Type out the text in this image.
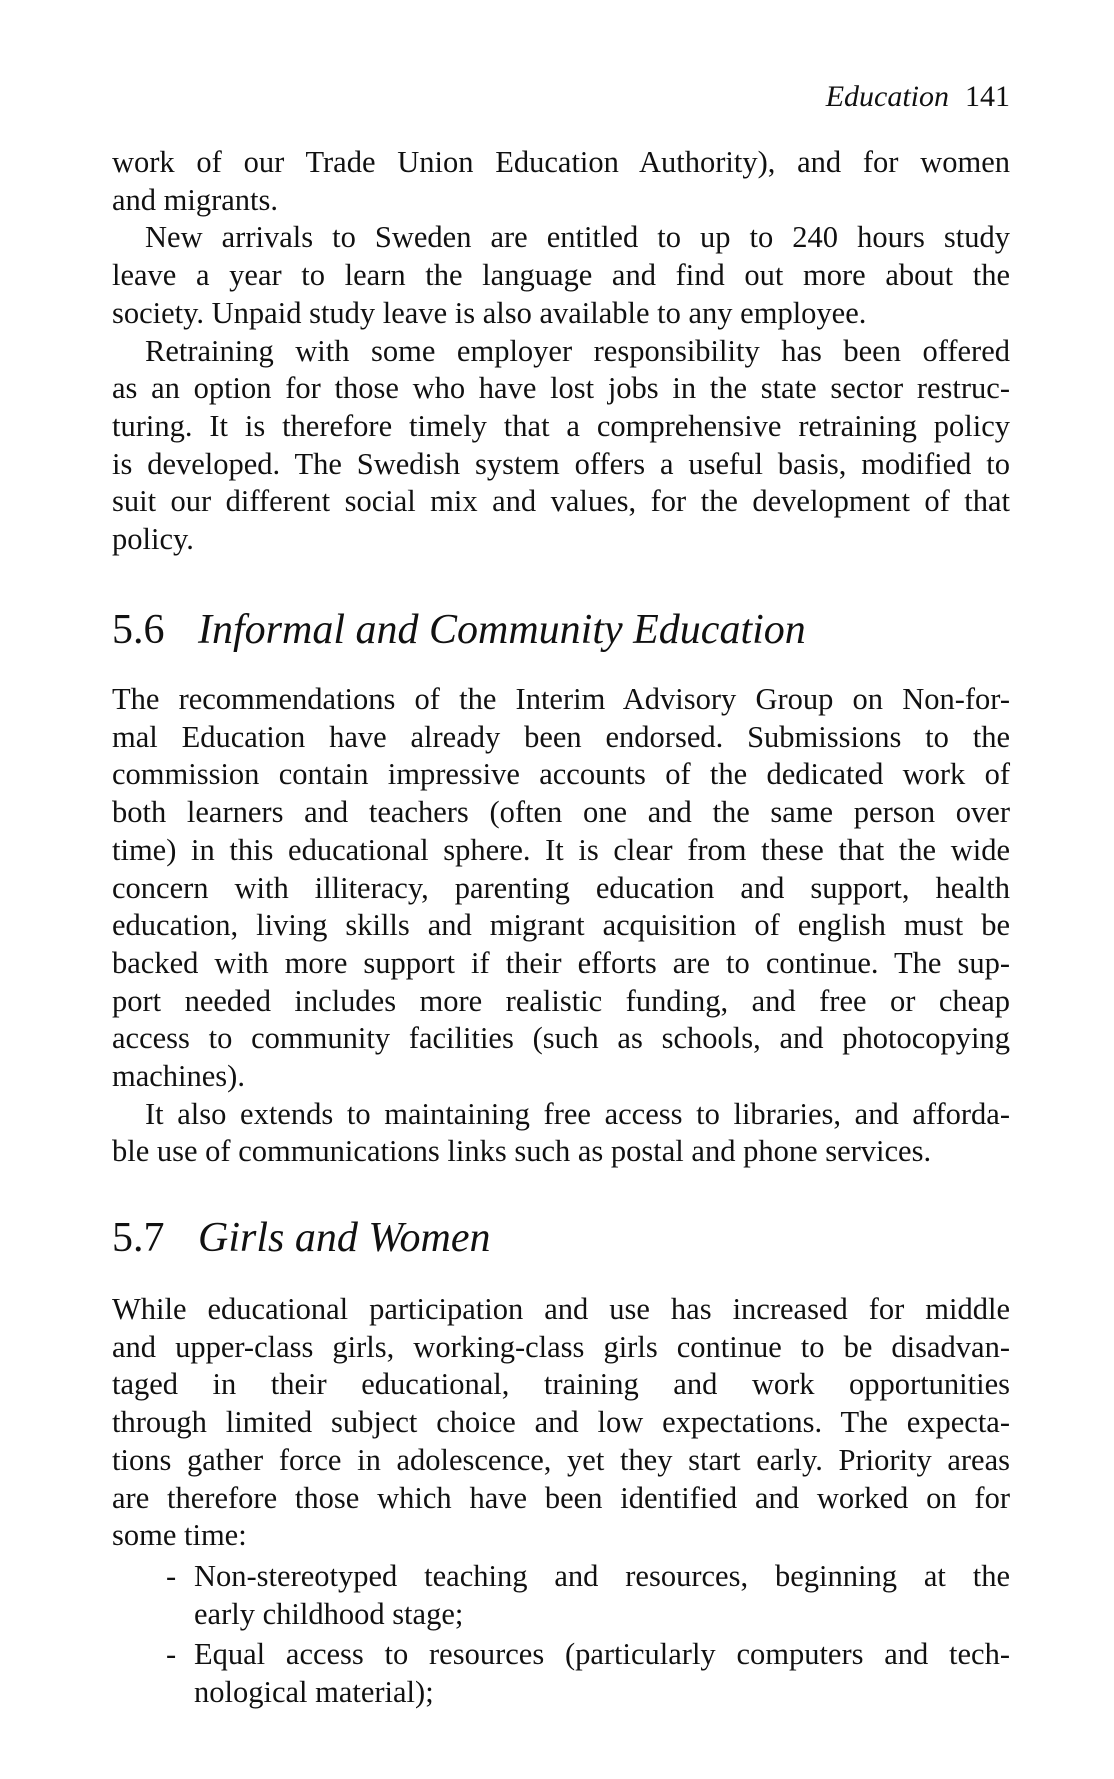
Education 141
work of our Trade Union Education Authority), and for women
and migrants.
New arrivals to Sweden are entitled to up to 240 hours study
leave a year to learn the language and find out more about the
society. Unpaid study leave is also available to any employee.
Retraining with some employer responsibility has been offered
as an option for those who have lost jobs in the state sector restruc-
turing. It is therefore timely that a comprehensive retraining policy
is developed. The Swedish system offers a useful basis, modified to
suit our different social mix and values, for the development of that
policy.
5.6 Informal and Community Education
The recommendations of the Interim Advisory Group on Non-for-
mal Education have already been endorsed. Submissions to the
commission contain impressive accounts of the dedicated work of
both learners and teachers (often one and the same person over
time) in this educational sphere. It is clear from these that the wide
concern with illiteracy, parenting education and support, health
education, living skills and migrant acquisition of english must be
backed with more support if their efforts are to continue. The sup-
port needed includes more realistic funding, and free or cheap
access to community facilities (such as schools, and photocopying
machines).
It also extends to maintaining free access to libraries, and afforda-
ble use of communications links such as postal and phone services.
5.7 Girls and Women
While educational participation and use has increased for middle
and upper-class girls, working-class girls continue to be disadvan-
taged in their educational, training and work opportunities
through limited subject choice and low expectations. The expecta-
tions gather force in adolescence, yet they start early. Priority areas
are therefore those which have been identified and worked on for
some time:
- Non-stereotyped teaching and resources, beginning at the
early childhood stage;
- Equal access to resources (particularly computers and tech-
nological material);
